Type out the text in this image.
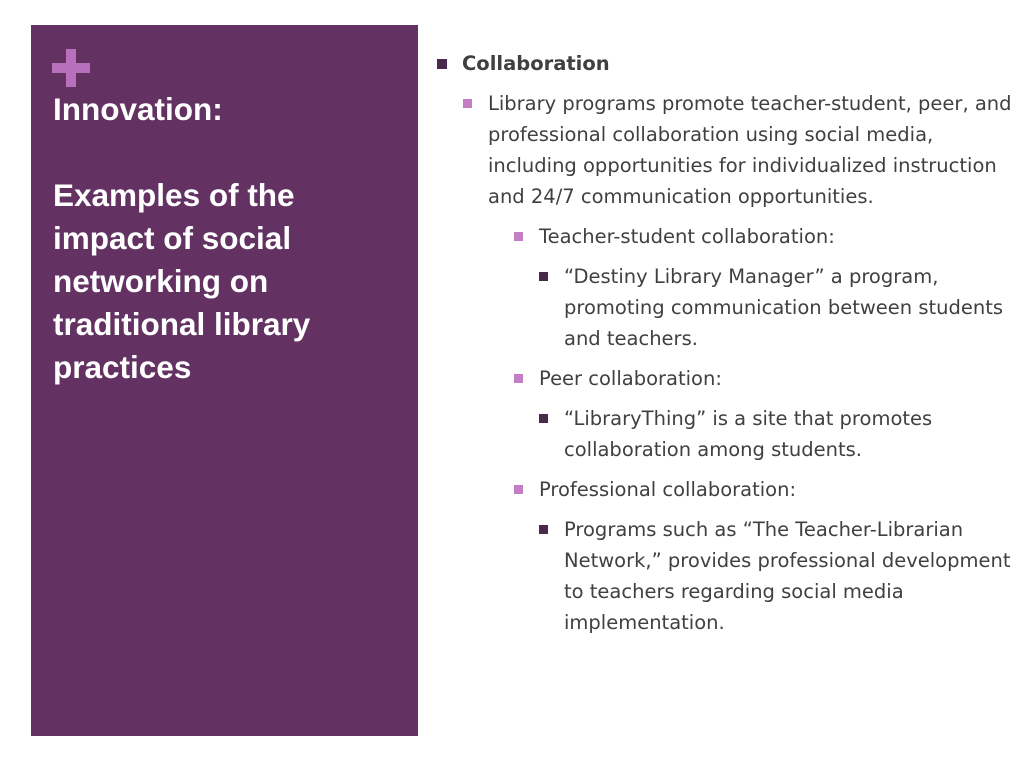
Innovation:
Examples of the impact of social networking on traditional library practices

Collaboration

Library programs promote teacher-student, peer, and professional collaboration using social media, including opportunities for individualized instruction and 24/7 communication opportunities.

Teacher-student collaboration:

“Destiny Library Manager” a program, promoting communication between students and teachers.

Peer collaboration:

“LibraryThing” is a site that promotes collaboration among students.

Professional collaboration:

Programs such as “The Teacher-Librarian Network,” provides professional development to teachers regarding social media implementation.
